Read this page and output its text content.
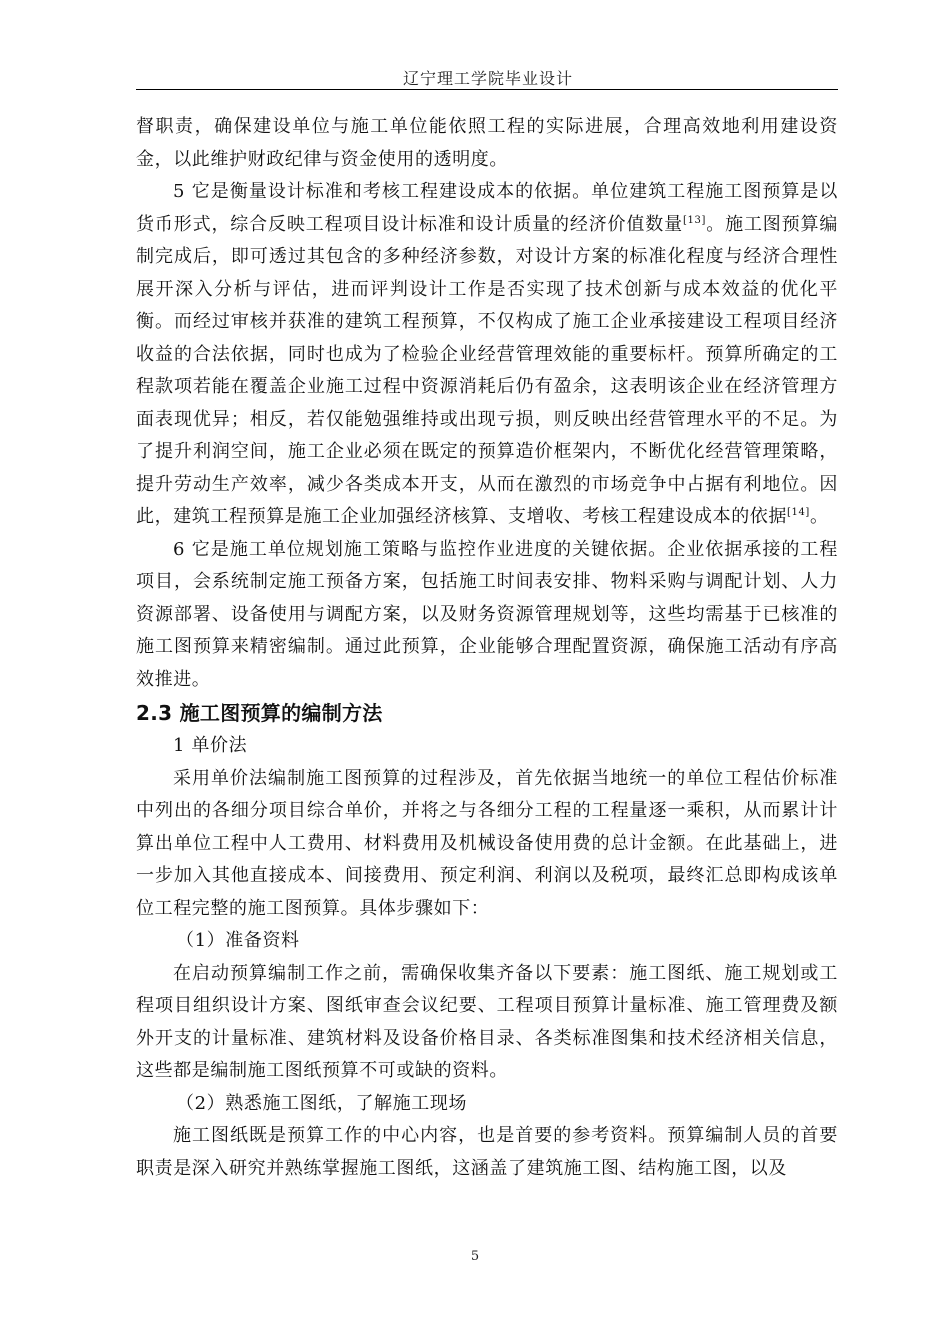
辽宁理工学院毕业设计

督职责，确保建设单位与施工单位能依照工程的实际进展，合理高效地利用建设资金，以此维护财政纪律与资金使用的透明度。

5 它是衡量设计标准和考核工程建设成本的依据。单位建筑工程施工图预算是以货币形式，综合反映工程项目设计标准和设计质量的经济价值数量[13]。施工图预算编制完成后，即可透过其包含的多种经济参数，对设计方案的标准化程度与经济合理性展开深入分析与评估，进而评判设计工作是否实现了技术创新与成本效益的优化平衡。而经过审核并获准的建筑工程预算，不仅构成了施工企业承接建设工程项目经济收益的合法依据，同时也成为了检验企业经营管理效能的重要标杆。预算所确定的工程款项若能在覆盖企业施工过程中资源消耗后仍有盈余，这表明该企业在经济管理方面表现优异；相反，若仅能勉强维持或出现亏损，则反映出经营管理水平的不足。为了提升利润空间，施工企业必须在既定的预算造价框架内，不断优化经营管理策略，提升劳动生产效率，减少各类成本开支，从而在激烈的市场竞争中占据有利地位。因此，建筑工程预算是施工企业加强经济核算、支增收、考核工程建设成本的依据[14]。

6 它是施工单位规划施工策略与监控作业进度的关键依据。企业依据承接的工程项目，会系统制定施工预备方案，包括施工时间表安排、物料采购与调配计划、人力资源部署、设备使用与调配方案，以及财务资源管理规划等，这些均需基于已核准的施工图预算来精密编制。通过此预算，企业能够合理配置资源，确保施工活动有序高效推进。

2.3 施工图预算的编制方法

1 单价法

采用单价法编制施工图预算的过程涉及，首先依据当地统一的单位工程估价标准中列出的各细分项目综合单价，并将之与各细分工程的工程量逐一乘积，从而累计计算出单位工程中人工费用、材料费用及机械设备使用费的总计金额。在此基础上，进一步加入其他直接成本、间接费用、预定利润、利润以及税项，最终汇总即构成该单位工程完整的施工图预算。具体步骤如下：

（1）准备资料

在启动预算编制工作之前，需确保收集齐备以下要素：施工图纸、施工规划或工程项目组织设计方案、图纸审查会议纪要、工程项目预算计量标准、施工管理费及额外开支的计量标准、建筑材料及设备价格目录、各类标准图集和技术经济相关信息，这些都是编制施工图纸预算不可或缺的资料。

（2）熟悉施工图纸，了解施工现场

施工图纸既是预算工作的中心内容，也是首要的参考资料。预算编制人员的首要职责是深入研究并熟练掌握施工图纸，这涵盖了建筑施工图、结构施工图，以及

5
